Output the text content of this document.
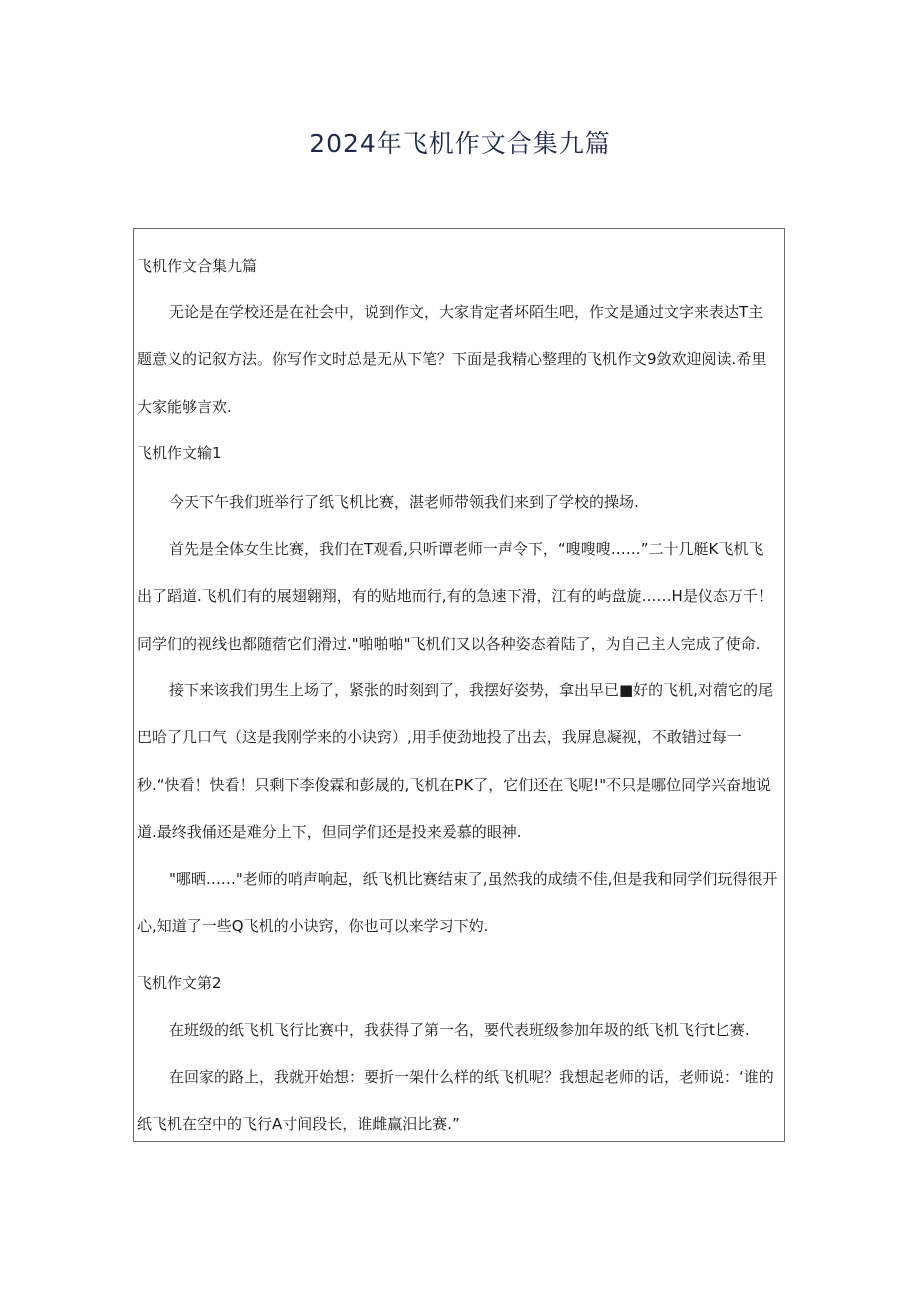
2024年飞机作文合集九篇

飞机作文合集九篇

无论是在学校还是在社会中，说到作文，大家肯定者坏陌生吧，作文是通过文字来表达T主题意义的记叙方法。你写作文时总是无从下笔？下面是我精心整理的飞机作文9敛欢迎阅读.希里大家能够言欢.

飞机作文输1

今天下午我们班举行了纸飞机比赛，湛老师带领我们来到了学校的操场.

首先是全体女生比赛，我们在T观看,只听谭老师一声令下，“嗖嗖嗖……”二十几艇K飞机飞出了蹈道.飞机们有的展翅翱翔，有的贴地而行,有的急速下滑，江有的屿盘旋……H是仪态万千！同学们的视线也都随蓿它们滑过."啪啪啪"飞机们又以各种姿态着陆了，为自己主人完成了使命.

接下来该我们男生上场了，紧张的时刻到了，我摆好姿势，拿出早已■好的飞机,对蓿它的尾巴哈了几口气（这是我刚学来的小诀窍）,用手使劲地投了出去，我屏息凝视，不敢错过每一秒.“快看！快看！只剩下李俊霖和彭晟的,飞机在PK了，它们还在飞呢!"不只是哪位同学兴奋地说道.最终我俑还是难分上下，但同学们还是投来爰慕的眼神.

"哪晒……"老师的哨声响起，纸飞机比赛结束了,虽然我的成绩不佳,但是我和同学们玩得很开心,知道了一些Q飞机的小诀窍，你也可以来学习下妁.

飞机作文第2

在班级的纸飞机飞行比赛中，我获得了第一名，要代表班级参加年圾的纸飞机飞行t匕赛.

在回家的路上，我就开始想：要折一架什么样的纸飞机呢？我想起老师的话，老师说：‘谁的纸飞机在空中的飞行A寸间段长，谁雌赢汨比赛.”
